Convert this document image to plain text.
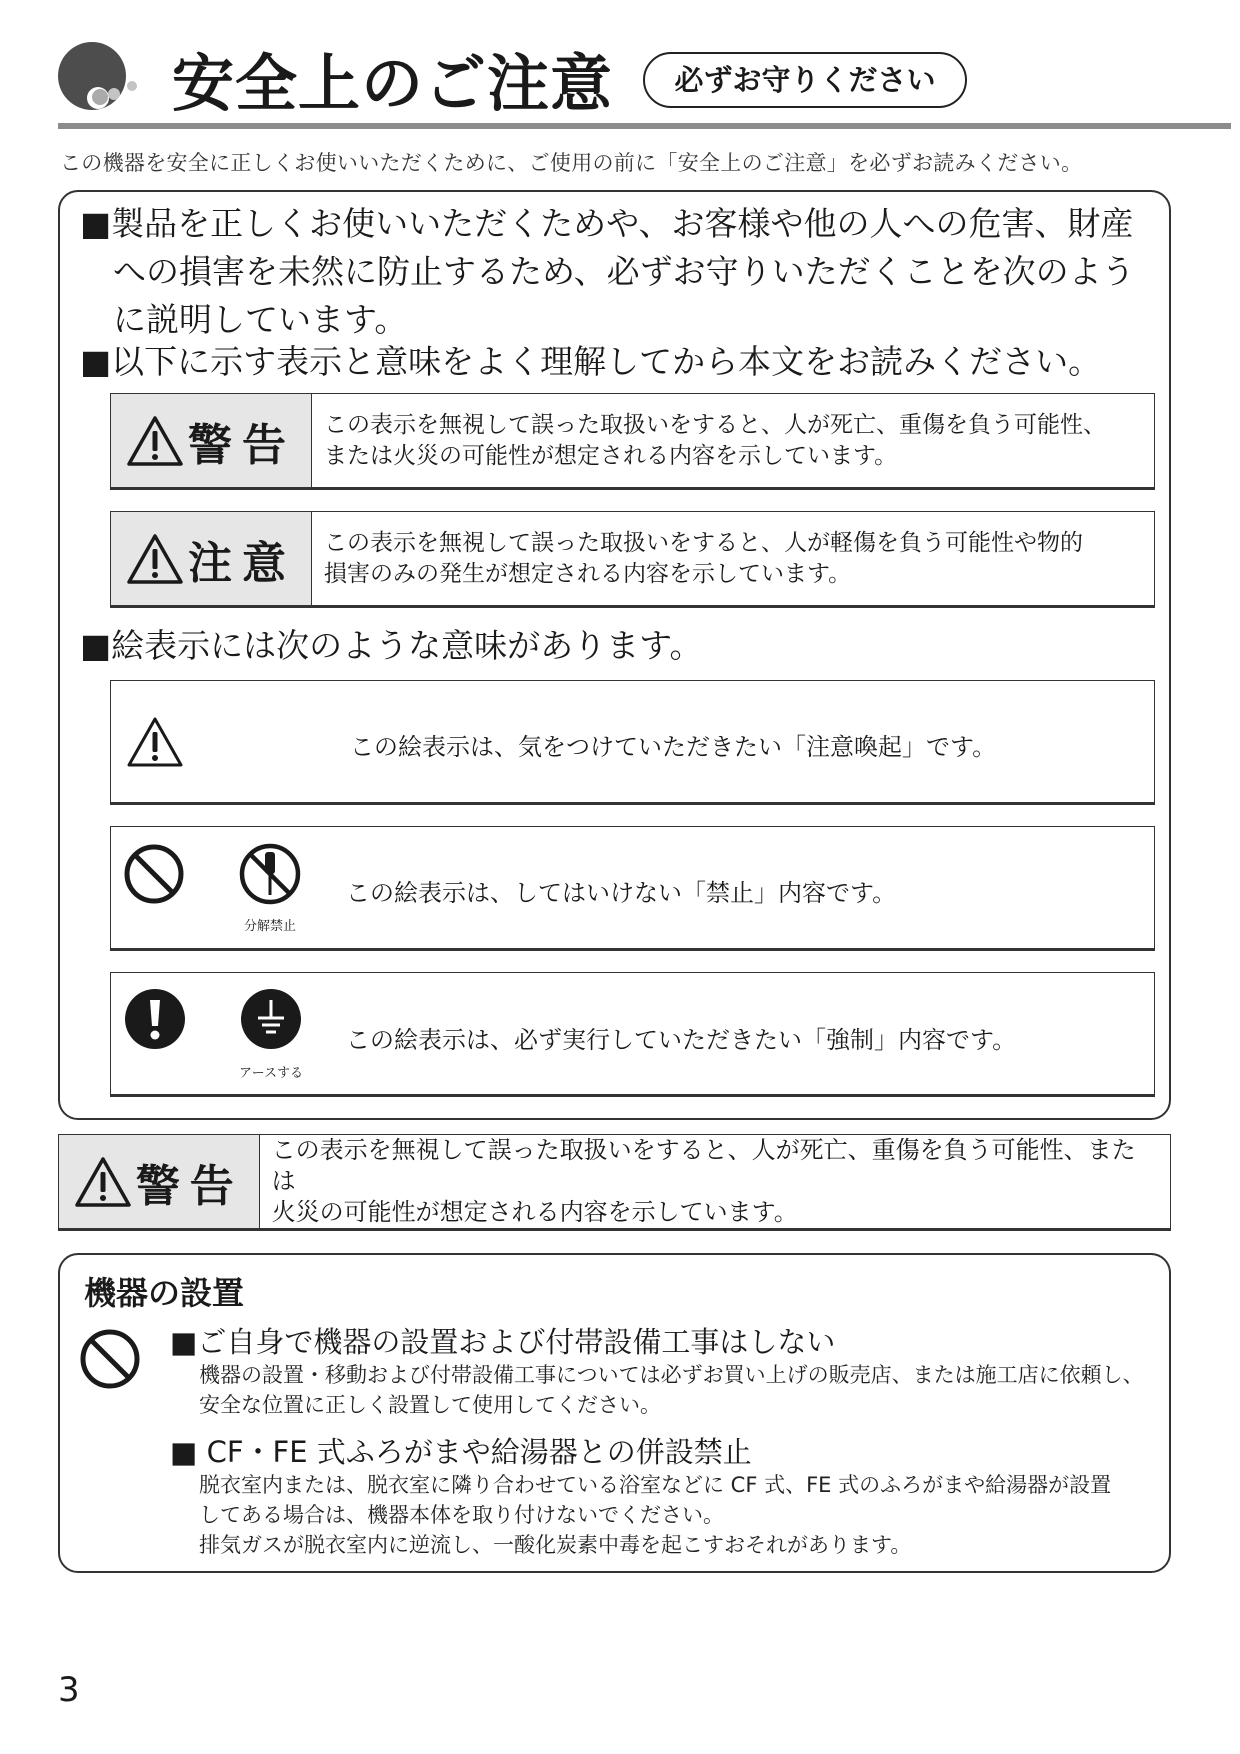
安全上のご注意	必ずお守りください
この機器を安全に正しくお使いいただくために、ご使用の前に「安全上のご注意」を必ずお読みください。
■製品を正しくお使いいただくためや、お客様や他の人への危害、財産
への損害を未然に防止するため、必ずお守りいただくことを次のよう
に説明しています。
■以下に示す表示と意味をよく理解してから本文をお読みください。
警告 この表示を無視して誤った取扱いをすると、人が死亡、重傷を負う可能性、
または火災の可能性が想定される内容を示しています。
注意 この表示を無視して誤った取扱いをすると、人が軽傷を負う可能性や物的
損害のみの発生が想定される内容を示しています。
■絵表示には次のような意味があります。
この絵表示は、気をつけていただきたい「注意喚起」です。
分解禁止
この絵表示は、してはいけない「禁止」内容です。
アースする
この絵表示は、必ず実行していただきたい「強制」内容です。
警告
この表示を無視して誤った取扱いをすると、人が死亡、重傷を負う可能性、または
火災の可能性が想定される内容を示しています。
機器の設置
■ご自身で機器の設置および付帯設備工事はしない
機器の設置・移動および付帯設備工事については必ずお買い上げの販売店、または施工店に依頼し、
安全な位置に正しく設置して使用してください。
■ CF・FE 式ふろがまや給湯器との併設禁止
脱衣室内または、脱衣室に隣り合わせている浴室などに CF 式、FE 式のふろがまや給湯器が設置
してある場合は、機器本体を取り付けないでください。
排気ガスが脱衣室内に逆流し、一酸化炭素中毒を起こすおそれがあります。
3
